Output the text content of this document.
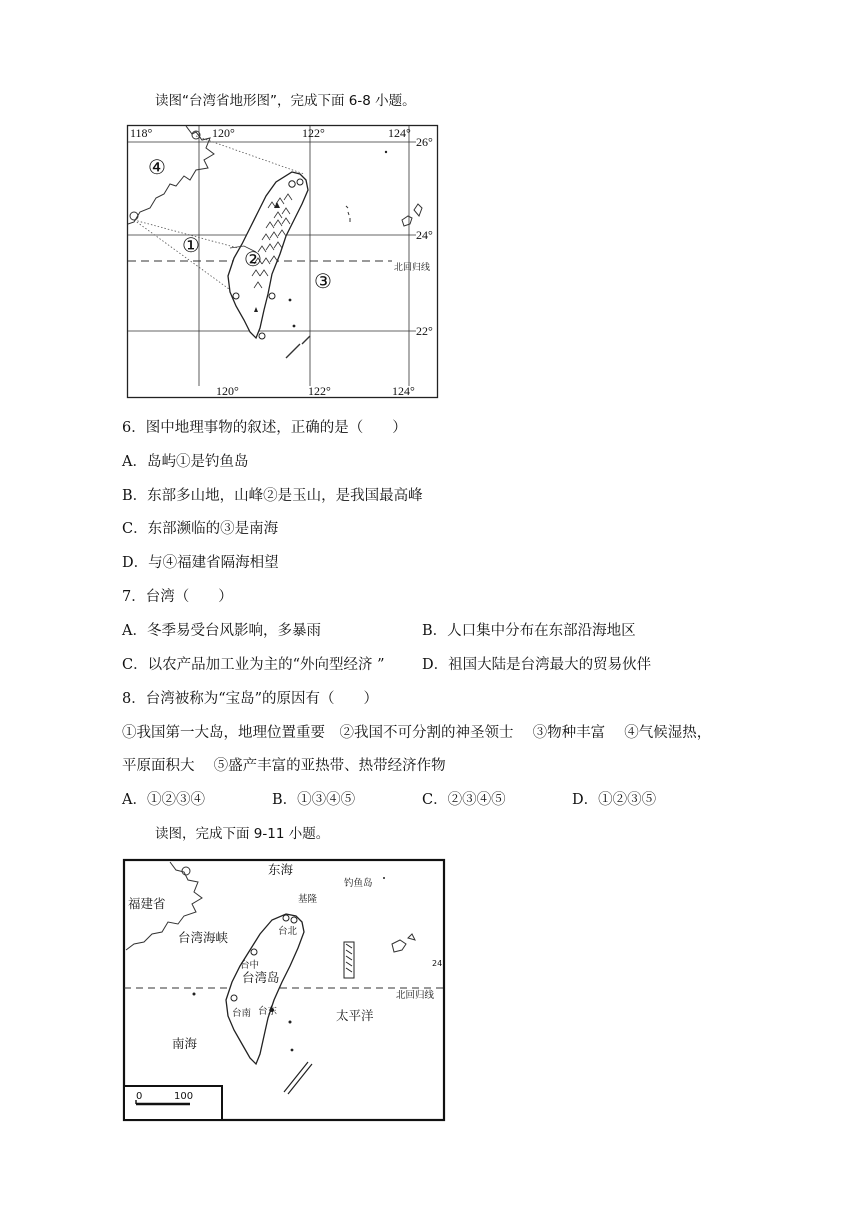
读图“台湾省地形图”，完成下面 6-8 小题。
118°	120°	122°	124°
26°
24°
22°
120°	122°	124°
北回归线
④
①
②
③
6．图中地理事物的叙述，正确的是（　　）
A．岛屿①是钓鱼岛
B．东部多山地，山峰②是玉山，是我国最高峰
C．东部濒临的③是南海
D．与④福建省隔海相望
7．台湾（　　）
A．冬季易受台风影响，多暴雨	B．人口集中分布在东部沿海地区
C．以农产品加工业为主的“外向型经济 ”	D．祖国大陆是台湾最大的贸易伙伴
8．台湾被称为“宝岛”的原因有（　　）
①我国第一大岛，地理位置重要　②我国不可分割的神圣领士　 ③物种丰富　 ④气候湿热，
平原面积大　 ⑤盛产丰富的亚热带、热带经济作物
A．①②③④	B．①③④⑤	C．②③④⑤	D．①②③⑤
读图，完成下面 9-11 小题。
0	100
东海
福建省
台湾海峡
台湾岛
太平洋
南海
钓鱼岛
基隆
台北
台中	24
北回归线
台南 台东
